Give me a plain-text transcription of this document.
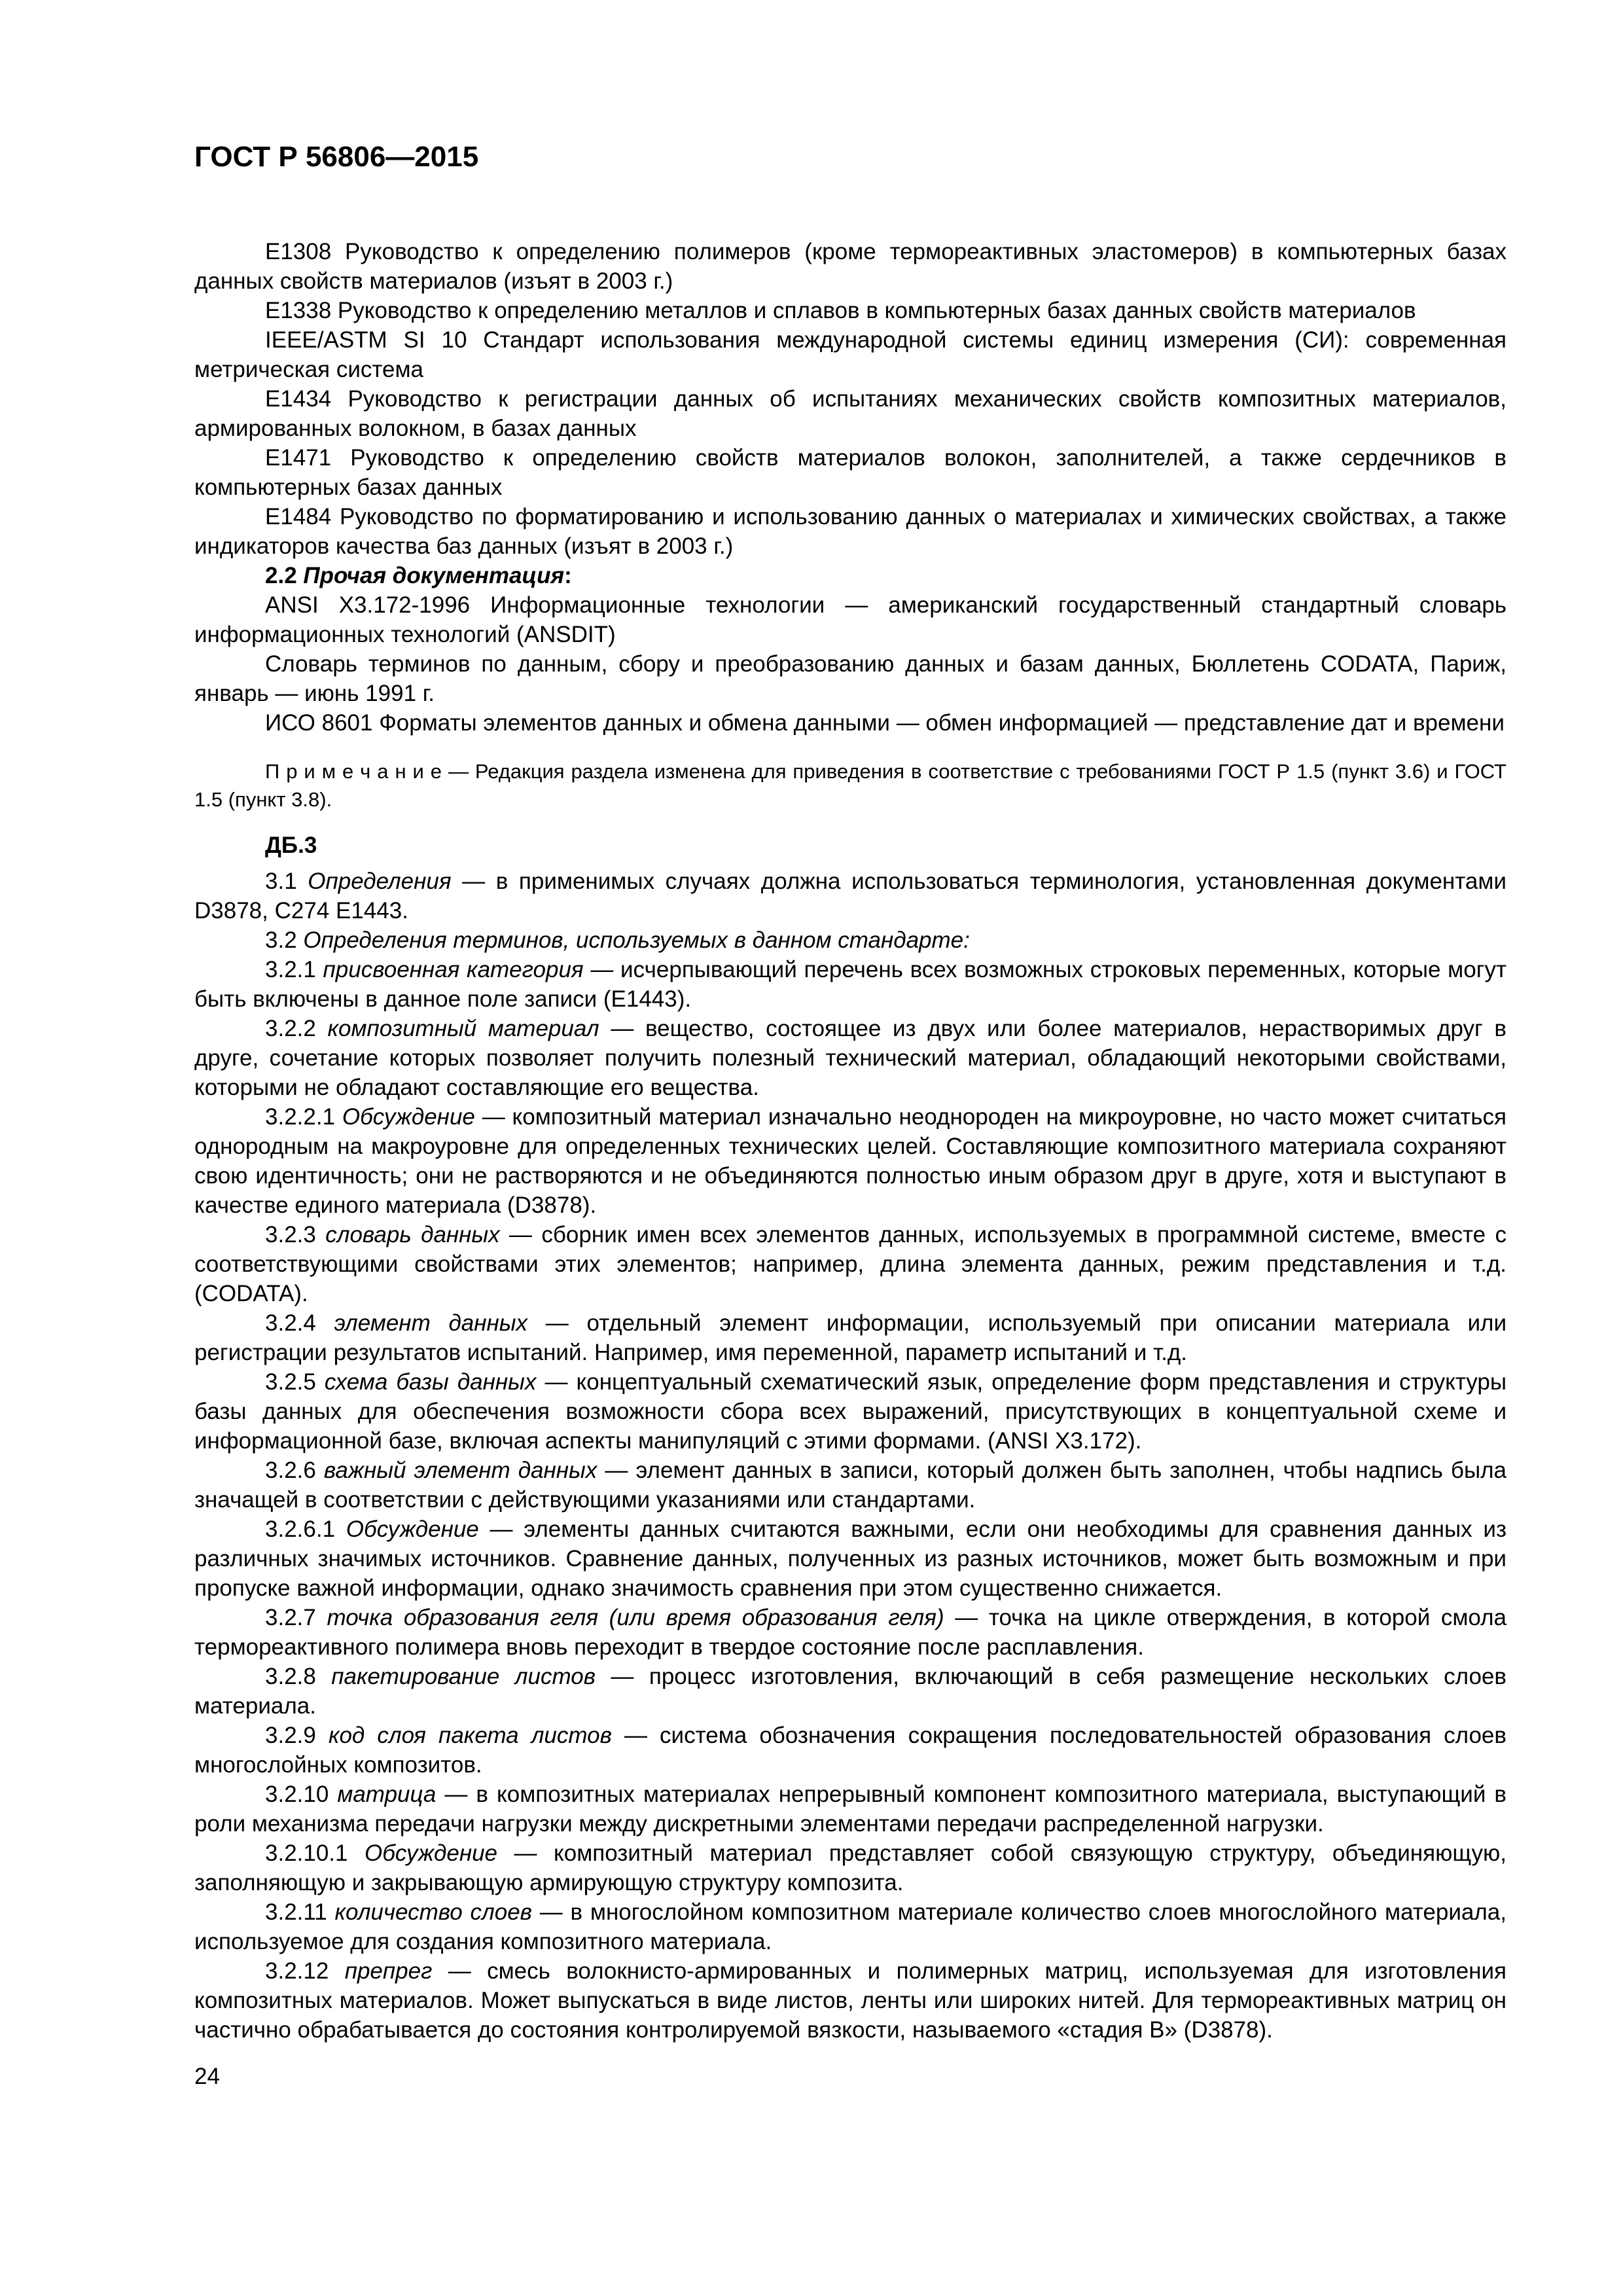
ГОСТ Р 56806—2015

Е1308 Руководство к определению полимеров (кроме термореактивных эластомеров) в компьютерных базах данных свойств материалов (изъят в 2003 г.)

Е1338 Руководство к определению металлов и сплавов в компьютерных базах данных свойств материалов

IEEE/ASTM SI 10 Стандарт использования международной системы единиц измерения (СИ): современная метрическая система

Е1434 Руководство к регистрации данных об испытаниях механических свойств композитных материалов, армированных волокном, в базах данных

Е1471 Руководство к определению свойств материалов волокон, заполнителей, а также сердечников в компьютерных базах данных

Е1484 Руководство по форматированию и использованию данных о материалах и химических свойствах, а также индикаторов качества баз данных (изъят в 2003 г.)

2.2 Прочая документация:

ANSI Х3.172-1996 Информационные технологии — американский государственный стандартный словарь информационных технологий (ANSDIT)

Словарь терминов по данным, сбору и преобразованию данных и базам данных, Бюллетень CODATA, Париж, январь — июнь 1991 г.

ИСО 8601 Форматы элементов данных и обмена данными — обмен информацией — представление дат и времени

П р и м е ч а н и е — Редакция раздела изменена для приведения в соответствие с требованиями ГОСТ Р 1.5 (пункт 3.6) и ГОСТ 1.5 (пункт 3.8).

ДБ.3

3.1 Определения — в применимых случаях должна использоваться терминология, установленная документами D3878, С274 Е1443.

3.2 Определения терминов, используемых в данном стандарте:

3.2.1 присвоенная категория — исчерпывающий перечень всех возможных строковых переменных, которые могут быть включены в данное поле записи (Е1443).

3.2.2 композитный материал — вещество, состоящее из двух или более материалов, нерастворимых друг в друге, сочетание которых позволяет получить полезный технический материал, обладающий некоторыми свойствами, которыми не обладают составляющие его вещества.

3.2.2.1 Обсуждение — композитный материал изначально неоднороден на микроуровне, но часто может считаться однородным на макроуровне для определенных технических целей. Составляющие композитного материала сохраняют свою идентичность; они не растворяются и не объединяются полностью иным образом друг в друге, хотя и выступают в качестве единого материала (D3878).

3.2.3 словарь данных — сборник имен всех элементов данных, используемых в программной системе, вместе с соответствующими свойствами этих элементов; например, длина элемента данных, режим представления и т.д. (CODATA).

3.2.4 элемент данных — отдельный элемент информации, используемый при описании материала или регистрации результатов испытаний. Например, имя переменной, параметр испытаний и т.д.

3.2.5 схема базы данных — концептуальный схематический язык, определение форм представления и структуры базы данных для обеспечения возможности сбора всех выражений, присутствующих в концептуальной схеме и информационной базе, включая аспекты манипуляций с этими формами. (ANSI Х3.172).

3.2.6 важный элемент данных — элемент данных в записи, который должен быть заполнен, чтобы надпись была значащей в соответствии с действующими указаниями или стандартами.

3.2.6.1 Обсуждение — элементы данных считаются важными, если они необходимы для сравнения данных из различных значимых источников. Сравнение данных, полученных из разных источников, может быть возможным и при пропуске важной информации, однако значимость сравнения при этом существенно снижается.

3.2.7 точка образования геля (или время образования геля) — точка на цикле отверждения, в которой смола термореактивного полимера вновь переходит в твердое состояние после расплавления.

3.2.8 пакетирование листов — процесс изготовления, включающий в себя размещение нескольких слоев материала.

3.2.9 код слоя пакета листов — система обозначения сокращения последовательностей образования слоев многослойных композитов.

3.2.10 матрица — в композитных материалах непрерывный компонент композитного материала, выступающий в роли механизма передачи нагрузки между дискретными элементами передачи распределенной нагрузки.

3.2.10.1 Обсуждение — композитный материал представляет собой связующую структуру, объединяющую, заполняющую и закрывающую армирующую структуру композита.

3.2.11 количество слоев — в многослойном композитном материале количество слоев многослойного материала, используемое для создания композитного материала.

3.2.12 препрег — смесь волокнисто-армированных и полимерных матриц, используемая для изготовления композитных материалов. Может выпускаться в виде листов, ленты или широких нитей. Для термореактивных матриц он частично обрабатывается до состояния контролируемой вязкости, называемого «стадия В» (D3878).

24
